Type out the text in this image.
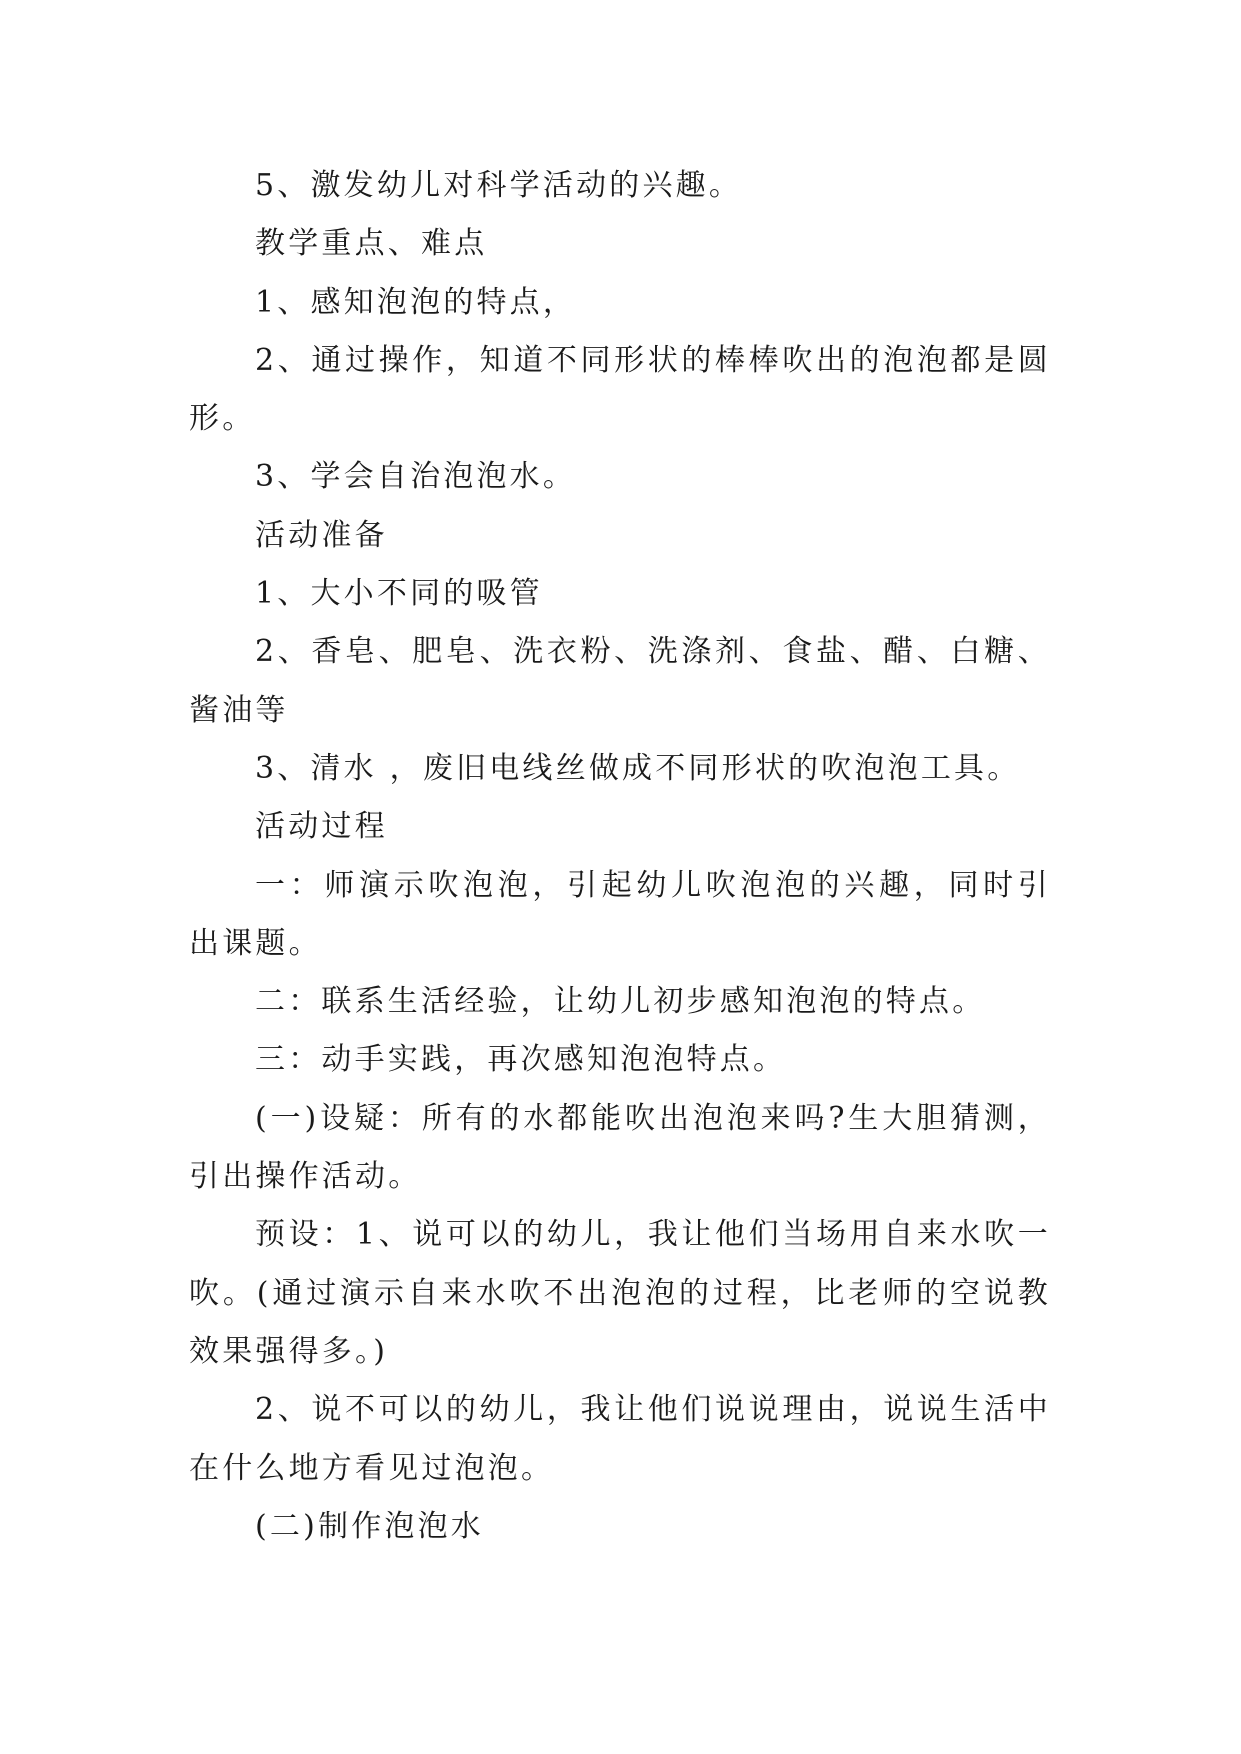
5、激发幼儿对科学活动的兴趣。

教学重点、难点

1、感知泡泡的特点，

2、通过操作，知道不同形状的棒棒吹出的泡泡都是圆形。

3、学会自治泡泡水。

活动准备

1、大小不同的吸管

2、香皂、肥皂、洗衣粉、洗涤剂、食盐、醋、白糖、酱油等

3、清水 ，废旧电线丝做成不同形状的吹泡泡工具。

活动过程

一：师演示吹泡泡，引起幼儿吹泡泡的兴趣，同时引出课题。

二：联系生活经验，让幼儿初步感知泡泡的特点。

三：动手实践，再次感知泡泡特点。

(一)设疑：所有的水都能吹出泡泡来吗?生大胆猜测，引出操作活动。

预设：1、说可以的幼儿，我让他们当场用自来水吹一吹。(通过演示自来水吹不出泡泡的过程，比老师的空说教效果强得多。)

2、说不可以的幼儿，我让他们说说理由，说说生活中在什么地方看见过泡泡。

(二)制作泡泡水
